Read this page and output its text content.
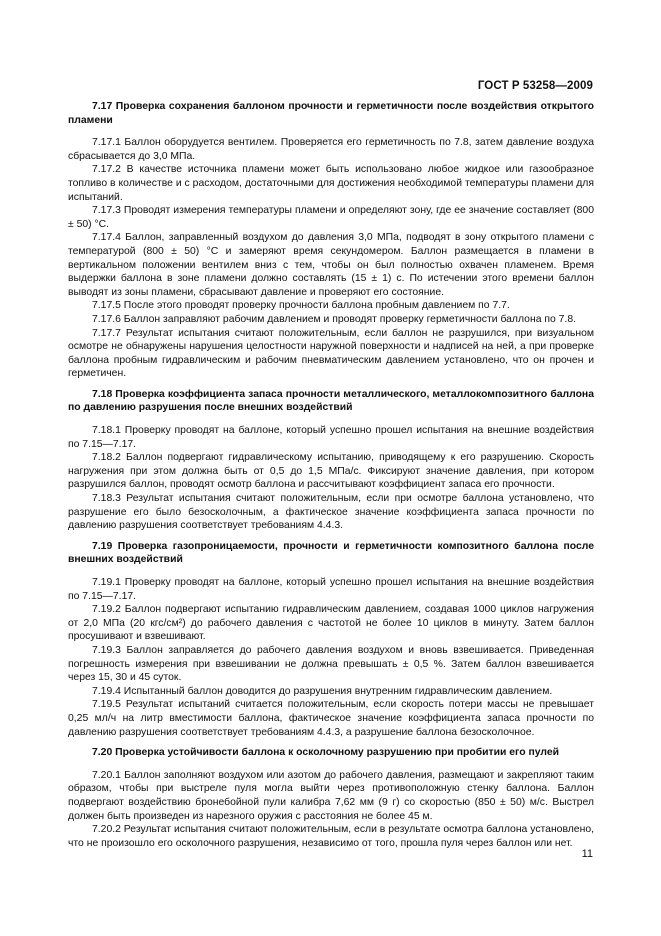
ГОСТ Р 53258—2009

7.17 Проверка сохранения баллоном прочности и герметичности после воздействия открытого пламени

7.17.1 Баллон оборудуется вентилем. Проверяется его герметичность по 7.8, затем давление воздуха сбрасывается до 3,0 МПа.

7.17.2 В качестве источника пламени может быть использовано любое жидкое или газообразное топливо в количестве и с расходом, достаточными для достижения необходимой температуры пламени для испытаний.

7.17.3 Проводят измерения температуры пламени и определяют зону, где ее значение составляет (800 ± 50) °С.

7.17.4 Баллон, заправленный воздухом до давления 3,0 МПа, подводят в зону открытого пламени с температурой (800 ± 50) °С и замеряют время секундомером. Баллон размещается в пламени в вертикальном положении вентилем вниз с тем, чтобы он был полностью охвачен пламенем. Время выдержки баллона в зоне пламени должно составлять (15 ± 1) с. По истечении этого времени баллон выводят из зоны пламени, сбрасывают давление и проверяют его состояние.

7.17.5 После этого проводят проверку прочности баллона пробным давлением по 7.7.

7.17.6 Баллон заправляют рабочим давлением и проводят проверку герметичности баллона по 7.8.

7.17.7 Результат испытания считают положительным, если баллон не разрушился, при визуальном осмотре не обнаружены нарушения целостности наружной поверхности и надписей на ней, а при проверке баллона пробным гидравлическим и рабочим пневматическим давлением установлено, что он прочен и герметичен.

7.18 Проверка коэффициента запаса прочности металлического, металлокомпозитного баллона по давлению разрушения после внешних воздействий

7.18.1 Проверку проводят на баллоне, который успешно прошел испытания на внешние воздействия по 7.15—7.17.

7.18.2 Баллон подвергают гидравлическому испытанию, приводящему к его разрушению. Скорость нагружения при этом должна быть от 0,5 до 1,5 МПа/с. Фиксируют значение давления, при котором разрушился баллон, проводят осмотр баллона и рассчитывают коэффициент запаса его прочности.

7.18.3 Результат испытания считают положительным, если при осмотре баллона установлено, что разрушение его было безосколочным, а фактическое значение коэффициента запаса прочности по давлению разрушения соответствует требованиям 4.4.3.

7.19 Проверка газопроницаемости, прочности и герметичности композитного баллона после внешних воздействий

7.19.1 Проверку проводят на баллоне, который успешно прошел испытания на внешние воздействия по 7.15—7.17.

7.19.2 Баллон подвергают испытанию гидравлическим давлением, создавая 1000 циклов нагружения от 2,0 МПа (20 кгс/см²) до рабочего давления с частотой не более 10 циклов в минуту. Затем баллон просушивают и взвешивают.

7.19.3 Баллон заправляется до рабочего давления воздухом и вновь взвешивается. Приведенная погрешность измерения при взвешивании не должна превышать ± 0,5 %. Затем баллон взвешивается через 15, 30 и 45 суток.

7.19.4 Испытанный баллон доводится до разрушения внутренним гидравлическим давлением.

7.19.5 Результат испытаний считается положительным, если скорость потери массы не превышает 0,25 мл/ч на литр вместимости баллона, фактическое значение коэффициента запаса прочности по давлению разрушения соответствует требованиям 4.4.3, а разрушение баллона безосколочное.

7.20 Проверка устойчивости баллона к осколочному разрушению при пробитии его пулей

7.20.1 Баллон заполняют воздухом или азотом до рабочего давления, размещают и закрепляют таким образом, чтобы при выстреле пуля могла выйти через противоположную стенку баллона. Баллон подвергают воздействию бронебойной пули калибра 7,62 мм (9 г) со скоростью (850 ± 50) м/с. Выстрел должен быть произведен из нарезного оружия с расстояния не более 45 м.

7.20.2 Результат испытания считают положительным, если в результате осмотра баллона установлено, что не произошло его осколочного разрушения, независимо от того, прошла пуля через баллон или нет.

11
